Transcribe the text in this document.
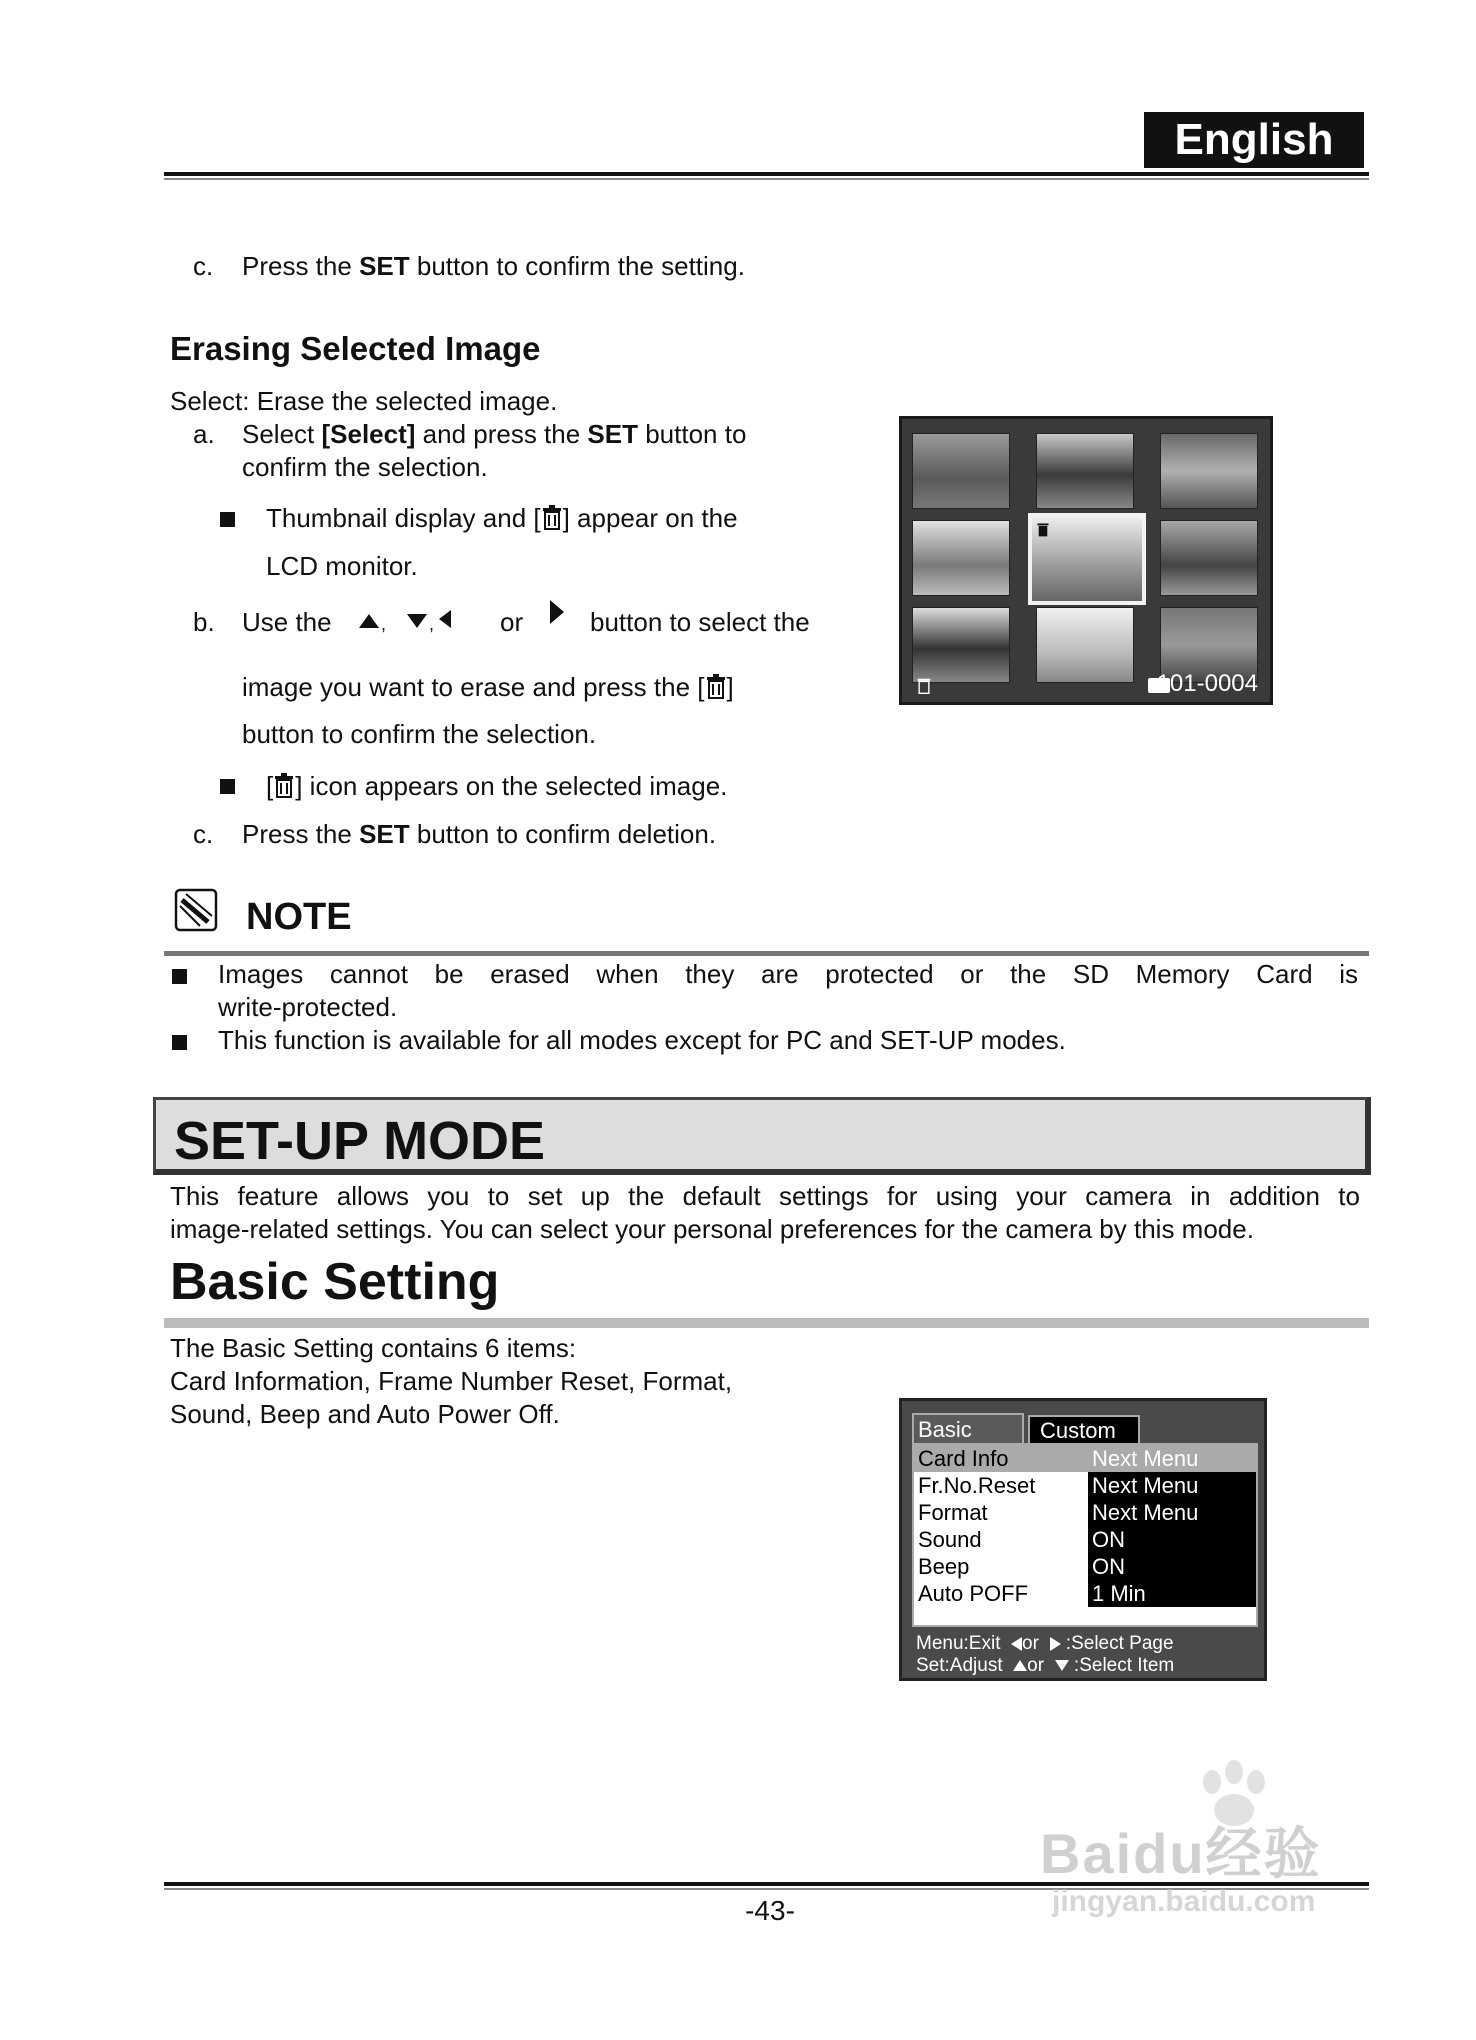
English
c. Press the SET button to confirm the setting.
Erasing Selected Image
Select: Erase the selected image.
a. Select [Select] and press the SET button to
confirm the selection.
Thumbnail display and [ ] appear on the
LCD monitor.
b. Use the	, ,	or	button to select the
image you want to erase and press the [ ]
button to confirm the selection.
[ ] icon appears on the selected image.
c. Press the SET button to confirm deletion.
101-0004
NOTE
Images cannot be erased when they are protected or the SD Memory Card is
write-protected.
This function is available for all modes except for PC and SET-UP modes.
SET-UP MODE
This feature allows you to set up the default settings for using your camera in addition to
image-related settings. You can select your personal preferences for the camera by this mode.
Basic Setting
The Basic Setting contains 6 items:
Card Information, Frame Number Reset, Format,
Sound, Beep and Auto Power Off.
Basic	Custom
Card Info	Next Menu
Fr.No.Reset	Next Menu
Format	Next Menu
Sound	ON
Beep	ON
Auto POFF	1 Min
Menu:Exit or :Select Page
Set:Adjust or :Select Item
-43-
Baidu经验
jingyan.baidu.com
